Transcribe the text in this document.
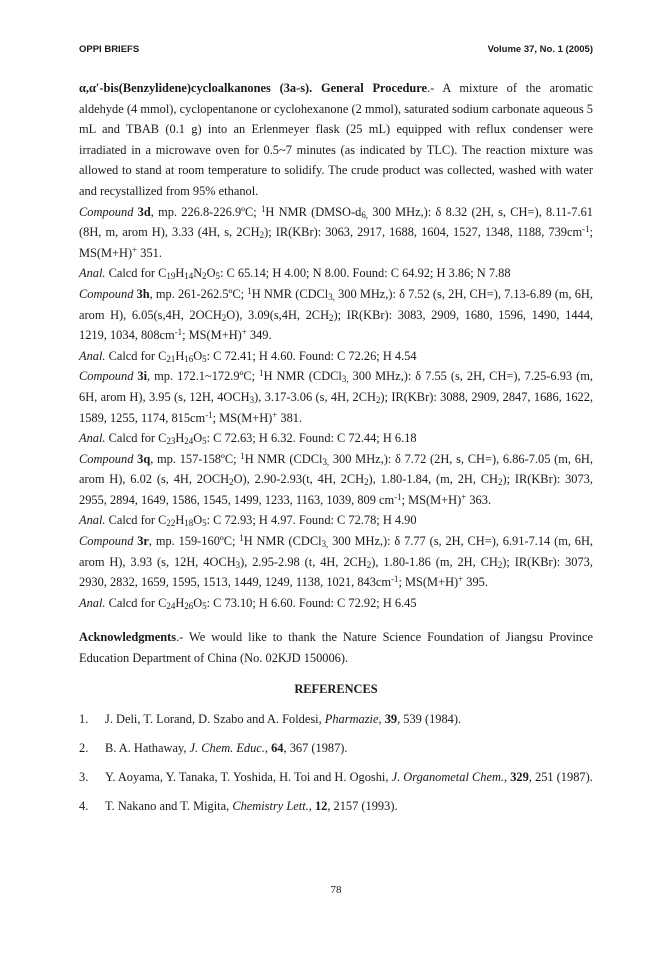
OPPI BRIEFS	Volume 37, No. 1 (2005)

α,α′-bis(Benzylidene)cycloalkanones (3a-s). General Procedure.- A mixture of the aromatic aldehyde (4 mmol), cyclopentanone or cyclohexanone (2 mmol), saturated sodium carbonate aqueous 5 mL and TBAB (0.1 g) into an Erlenmeyer flask (25 mL) equipped with reflux condenser were irradiated in a microwave oven for 0.5~7 minutes (as indicated by TLC). The reaction mixture was allowed to stand at room temperature to solidify. The crude product was collected, washed with water and recystallized from 95% ethanol.

Compound 3d, mp. 226.8-226.9ºC; $^1$H NMR ($DMSO-d_{6,}$ 300 MHz,): δ 8.32 (2H, s, CH=), 8.11-7.61 (8H, m, arom H), 3.33 (4H, s, $2CH_2$); IR(KBr): 3063, 2917, 1688, 1604, 1527, 1348, 1188, $739cm^{-1}$; MS(M+H)+ 351.

Anal. Calcd for $C_{19}H_{14}N_2O_5$: C 65.14; H 4.00; N 8.00. Found: C 64.92; H 3.86; N 7.88

Compound 3h, mp. 261-262.5ºC; $^1$H NMR (CDCl$_{3,}$ 300 MHz,): δ 7.52 (s, 2H, CH=), 7.13-6.89 (m, 6H, arom H), 6.05(s,4H, $2OCH_2O$), 3.09(s,4H, $2CH_2$); IR(KBr): 3083, 2909, 1680, 1596, 1490, 1444, 1219, 1034, $808cm^{-1}$; MS(M+H)+ 349.

Anal. Calcd for $C_{21}H_{16}O_5$: C 72.41; H 4.60. Found: C 72.26; H 4.54

Compound 3i, mp. 172.1~172.9ºC; $^1$H NMR (CDCl$_{3,}$ 300 MHz,): δ 7.55 (s, 2H, CH=), 7.25-6.93 (m, 6H, arom H), 3.95 (s, 12H, $4OCH_3$), 3.17-3.06 (s, 4H, $2CH_2$); IR(KBr): 3088, 2909, 2847, 1686, 1622, 1589, 1255, 1174, $815cm^{-1}$; MS(M+H)+ 381.

Anal. Calcd for $C_{23}H_{24}O_5$: C 72.63; H 6.32. Found: C 72.44; H 6.18

Compound 3q, mp. 157-158ºC; $^1$H NMR (CDCl$_{3,}$ 300 MHz,): δ 7.72 (2H, s, CH=), 6.86-7.05 (m, 6H, arom H), 6.02 (s, 4H, $2OCH_2O$), 2.90-2.93(t, 4H, $2CH_2$), 1.80-1.84, (m, 2H, $CH_2$); IR(KBr): 3073, 2955, 2894, 1649, 1586, 1545, 1499, 1233, 1163, 1039, 809 $cm^{-1}$; MS(M+H)+ 363.

Anal. Calcd for $C_{22}H_{18}O_5$: C 72.93; H 4.97. Found: C 72.78; H 4.90

Compound 3r, mp. 159-160ºC; $^1$H NMR (CDCl$_{3,}$ 300 MHz,): δ 7.77 (s, 2H, CH=), 6.91-7.14 (m, 6H, arom H), 3.93 (s, 12H, $4OCH_3$), 2.95-2.98 (t, 4H, $2CH_2$), 1.80-1.86 (m, 2H, $CH_2$); IR(KBr): 3073, 2930, 2832, 1659, 1595, 1513, 1449, 1249, 1138, 1021, $843cm^{-1}$; MS(M+H)+ 395.

Anal. Calcd for $C_{24}H_{26}O_5$: C 73.10; H 6.60. Found: C 72.92; H 6.45

Acknowledgments.- We would like to thank the Nature Science Foundation of Jiangsu Province Education Department of China (No. 02KJD 150006).

REFERENCES

1. J. Deli, T. Lorand, D. Szabo and A. Foldesi, Pharmazie, 39, 539 (1984).

2. B. A. Hathaway, J. Chem. Educ., 64, 367 (1987).

3. Y. Aoyama, Y. Tanaka, T. Yoshida, H. Toi and H. Ogoshi, J. Organometal Chem., 329, 251 (1987).

4. T. Nakano and T. Migita, Chemistry Lett., 12, 2157 (1993).

78
